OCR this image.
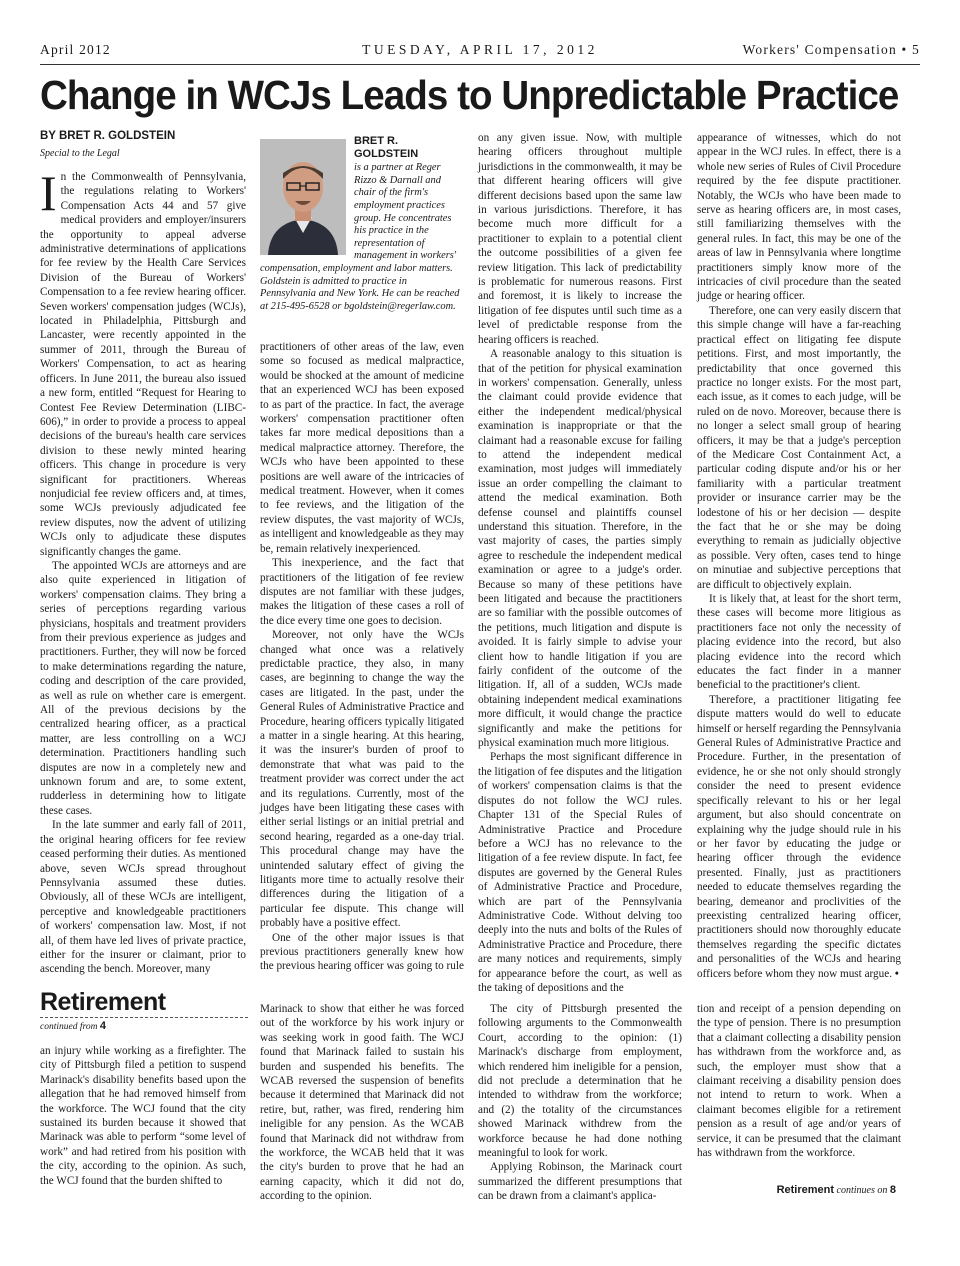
April 2012	TUESDAY, APRIL 17, 2012	Workers' Compensation • 5
Change in WCJs Leads to Unpredictable Practice
BY BRET R. GOLDSTEIN
Special to the Legal

In the Commonwealth of Pennsylvania, the regulations relating to Workers' Compensation Acts 44 and 57 give medical providers and employer/insurers the opportunity to appeal adverse administrative determinations of applications for fee review by the Health Care Services Division of the Bureau of Workers' Compensation to a fee review hearing officer. Seven workers' compensation judges (WCJs), located in Philadelphia, Pittsburgh and Lancaster, were recently appointed in the summer of 2011, through the Bureau of Workers' Compensation, to act as hearing officers. In June 2011, the bureau also issued a new form, entitled “Request for Hearing to Contest Fee Review Determination (LIBC-606),” in order to provide a process to appeal decisions of the bureau's health care services division to these newly minted hearing officers. This change in procedure is very significant for practitioners. Whereas nonjudicial fee review officers and, at times, some WCJs previously adjudicated fee review disputes, now the advent of utilizing WCJs only to adjudicate these disputes significantly changes the game.

The appointed WCJs are attorneys and are also quite experienced in litigation of workers' compensation claims. They bring a series of perceptions regarding various physicians, hospitals and treatment providers from their previous experience as judges and practitioners. Further, they will now be forced to make determinations regarding the nature, coding and description of the care provided, as well as rule on whether care is emergent. All of the previous decisions by the centralized hearing officer, as a practical matter, are less controlling on a WCJ determination. Practitioners handling such disputes are now in a completely new and unknown forum and are, to some extent, rudderless in determining how to litigate these cases.

In the late summer and early fall of 2011, the original hearing officers for fee review ceased performing their duties. As mentioned above, seven WCJs spread throughout Pennsylvania assumed these duties. Obviously, all of these WCJs are intelligent, perceptive and knowledgeable practitioners of workers' compensation law. Most, if not all, of them have led lives of private practice, either for the insurer or claimant, prior to ascending the bench. Moreover, many

BRET R. GOLDSTEIN
is a partner at Reger Rizzo & Darnall and chair of the firm's employment practices group. He concentrates his practice in the representation of management in workers' compensation, employment and labor matters. Goldstein is admitted to practice in Pennsylvania and New York. He can be reached at 215-495-6528 or bgoldstein@regerlaw.com.

practitioners of other areas of the law, even some so focused as medical malpractice, would be shocked at the amount of medicine that an experienced WCJ has been exposed to as part of the practice. In fact, the average workers' compensation practitioner often takes far more medical depositions than a medical malpractice attorney. Therefore, the WCJs who have been appointed to these positions are well aware of the intricacies of medical treatment. However, when it comes to fee reviews, and the litigation of the review disputes, the vast majority of WCJs, as intelligent and knowledgeable as they may be, remain relatively inexperienced.

This inexperience, and the fact that practitioners of the litigation of fee review disputes are not familiar with these judges, makes the litigation of these cases a roll of the dice every time one goes to decision.

Moreover, not only have the WCJs changed what once was a relatively predictable practice, they also, in many cases, are beginning to change the way the cases are litigated. In the past, under the General Rules of Administrative Practice and Procedure, hearing officers typically litigated a matter in a single hearing. At this hearing, it was the insurer's burden of proof to demonstrate that what was paid to the treatment provider was correct under the act and its regulations. Currently, most of the judges have been litigating these cases with either serial listings or an initial pretrial and second hearing, regarded as a one-day trial. This procedural change may have the unintended salutary effect of giving the litigants more time to actually resolve their differences during the litigation of a particular fee dispute. This change will probably have a positive effect.

One of the other major issues is that previous practitioners generally knew how the previous hearing officer was going to rule

on any given issue. Now, with multiple hearing officers throughout multiple jurisdictions in the commonwealth, it may be that different hearing officers will give different decisions based upon the same law in various jurisdictions. Therefore, it has become much more difficult for a practitioner to explain to a potential client the outcome possibilities of a given fee review litigation. This lack of predictability is problematic for numerous reasons. First and foremost, it is likely to increase the litigation of fee disputes until such time as a level of predictable response from the hearing officers is reached.

A reasonable analogy to this situation is that of the petition for physical examination in workers' compensation. Generally, unless the claimant could provide evidence that either the independent medical/physical examination is inappropriate or that the claimant had a reasonable excuse for failing to attend the independent medical examination, most judges will immediately issue an order compelling the claimant to attend the medical examination. Both defense counsel and plaintiffs counsel understand this situation. Therefore, in the vast majority of cases, the parties simply agree to reschedule the independent medical examination or agree to a judge's order. Because so many of these petitions have been litigated and because the practitioners are so familiar with the possible outcomes of the petitions, much litigation and dispute is avoided. It is fairly simple to advise your client how to handle litigation if you are fairly confident of the outcome of the litigation. If, all of a sudden, WCJs made obtaining independent medical examinations more difficult, it would change the practice significantly and make the petitions for physical examination much more litigious.

Perhaps the most significant difference in the litigation of fee disputes and the litigation of workers' compensation claims is that the disputes do not follow the WCJ rules. Chapter 131 of the Special Rules of Administrative Practice and Procedure before a WCJ has no relevance to the litigation of a fee review dispute. In fact, fee disputes are governed by the General Rules of Administrative Practice and Procedure, which are part of the Pennsylvania Administrative Code. Without delving too deeply into the nuts and bolts of the Rules of Administrative Practice and Procedure, there are many notices and requirements, simply for appearance before the court, as well as the taking of depositions and the

appearance of witnesses, which do not appear in the WCJ rules. In effect, there is a whole new series of Rules of Civil Procedure required by the fee dispute practitioner. Notably, the WCJs who have been made to serve as hearing officers are, in most cases, still familiarizing themselves with the general rules. In fact, this may be one of the areas of law in Pennsylvania where longtime practitioners simply know more of the intricacies of civil procedure than the seated judge or hearing officer.

Therefore, one can very easily discern that this simple change will have a far-reaching practical effect on litigating fee dispute petitions. First, and most importantly, the predictability that once governed this practice no longer exists. For the most part, each issue, as it comes to each judge, will be ruled on de novo. Moreover, because there is no longer a select small group of hearing officers, it may be that a judge's perception of the Medicare Cost Containment Act, a particular coding dispute and/or his or her familiarity with a particular treatment provider or insurance carrier may be the lodestone of his or her decision — despite the fact that he or she may be doing everything to remain as judicially objective as possible. Very often, cases tend to hinge on minutiae and subjective perceptions that are difficult to objectively explain.

It is likely that, at least for the short term, these cases will become more litigious as practitioners face not only the necessity of placing evidence into the record, but also placing evidence into the record which educates the fact finder in a manner beneficial to the practitioner's client.

Therefore, a practitioner litigating fee dispute matters would do well to educate himself or herself regarding the Pennsylvania General Rules of Administrative Practice and Procedure. Further, in the presentation of evidence, he or she not only should strongly consider the need to present evidence specifically relevant to his or her legal argument, but also should concentrate on explaining why the judge should rule in his or her favor by educating the judge or hearing officer through the evidence presented. Finally, just as practitioners needed to educate themselves regarding the bearing, demeanor and proclivities of the preexisting centralized hearing officer, practitioners should now thoroughly educate themselves regarding the specific dictates and personalities of the WCJs and hearing officers before whom they now must argue. •

Retirement
continued from 4

an injury while working as a firefighter. The city of Pittsburgh filed a petition to suspend Marinack's disability benefits based upon the allegation that he had removed himself from the workforce. The WCJ found that the city sustained its burden because it showed that Marinack was able to perform “some level of work” and had retired from his position with the city, according to the opinion. As such, the WCJ found that the burden shifted to

Marinack to show that either he was forced out of the workforce by his work injury or was seeking work in good faith. The WCJ found that Marinack failed to sustain his burden and suspended his benefits. The WCAB reversed the suspension of benefits because it determined that Marinack did not retire, but, rather, was fired, rendering him ineligible for any pension. As the WCAB found that Marinack did not withdraw from the workforce, the WCAB held that it was the city's burden to prove that he had an earning capacity, which it did not do, according to the opinion.

The city of Pittsburgh presented the following arguments to the Commonwealth Court, according to the opinion: (1) Marinack's discharge from employment, which rendered him ineligible for a pension, did not preclude a determination that he intended to withdraw from the workforce; and (2) the totality of the circumstances showed Marinack withdrew from the workforce because he had done nothing meaningful to look for work.

Applying Robinson, the Marinack court summarized the different presumptions that can be drawn from a claimant's applica-

tion and receipt of a pension depending on the type of pension. There is no presumption that a claimant collecting a disability pension has withdrawn from the workforce and, as such, the employer must show that a claimant receiving a disability pension does not intend to return to work. When a claimant becomes eligible for a retirement pension as a result of age and/or years of service, it can be presumed that the claimant has withdrawn from the workforce.

Retirement continues on 8
